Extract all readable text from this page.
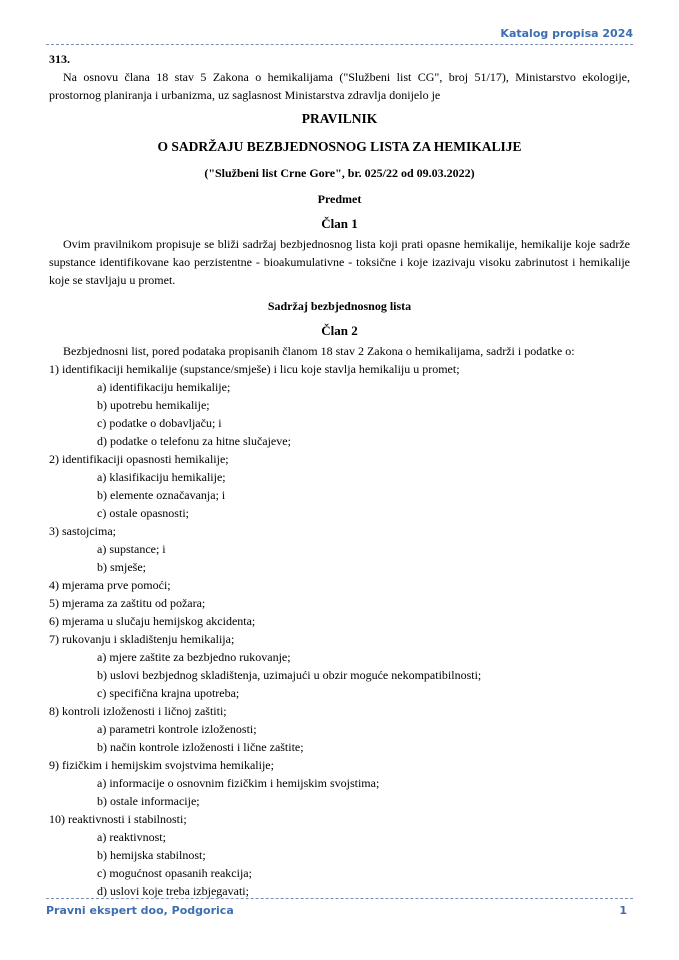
Katalog propisa 2024
313.

Na osnovu člana 18 stav 5 Zakona o hemikalijama ("Službeni list CG", broj 51/17), Ministarstvo ekologije, prostornog planiranja i urbanizma, uz saglasnost Ministarstva zdravlja donijelo je

PRAVILNIK

O SADRŽAJU BEZBJEDNOSNOG LISTA ZA HEMIKALIJE

("Službeni list Crne Gore", br. 025/22 od 09.03.2022)

Predmet

Član 1

Ovim pravilnikom propisuje se bliži sadržaj bezbjednosnog lista koji prati opasne hemikalije, hemikalije koje sadrže supstance identifikovane kao perzistentne - bioakumulativne - toksične i koje izazivaju visoku zabrinutost i hemikalije koje se stavljaju u promet.

Sadržaj bezbjednosnog lista

Član 2

Bezbjednosni list, pored podataka propisanih članom 18 stav 2 Zakona o hemikalijama, sadrži i podatke o:

1) identifikaciji hemikalije (supstance/smješe) i licu koje stavlja hemikaliju u promet;
a) identifikaciju hemikalije;
b) upotrebu hemikalije;
c) podatke o dobavljaču; i
d) podatke o telefonu za hitne slučajeve;
2) identifikaciji opasnosti hemikalije;
a) klasifikaciju hemikalije;
b) elemente označavanja; i
c) ostale opasnosti;
3) sastojcima;
a) supstance; i
b) smješe;
4) mjerama prve pomoći;
5) mjerama za zaštitu od požara;
6) mjerama u slučaju hemijskog akcidenta;
7) rukovanju i skladištenju hemikalija;
a) mjere zaštite za bezbjedno rukovanje;
b) uslovi bezbjednog skladištenja, uzimajući u obzir moguće nekompatibilnosti;
c) specifična krajna upotreba;
8) kontroli izloženosti i ličnoj zaštiti;
a) parametri kontrole izloženosti;
b) način kontrole izloženosti i lične zaštite;
9) fizičkim i hemijskim svojstvima hemikalije;
a) informacije o osnovnim fizičkim i hemijskim svojstima;
b) ostale informacije;
10) reaktivnosti i stabilnosti;
a) reaktivnost;
b) hemijska stabilnost;
c) mogućnost opasanih reakcija;
d) uslovi koje treba izbjegavati;
Pravni ekspert doo, Podgorica	1
